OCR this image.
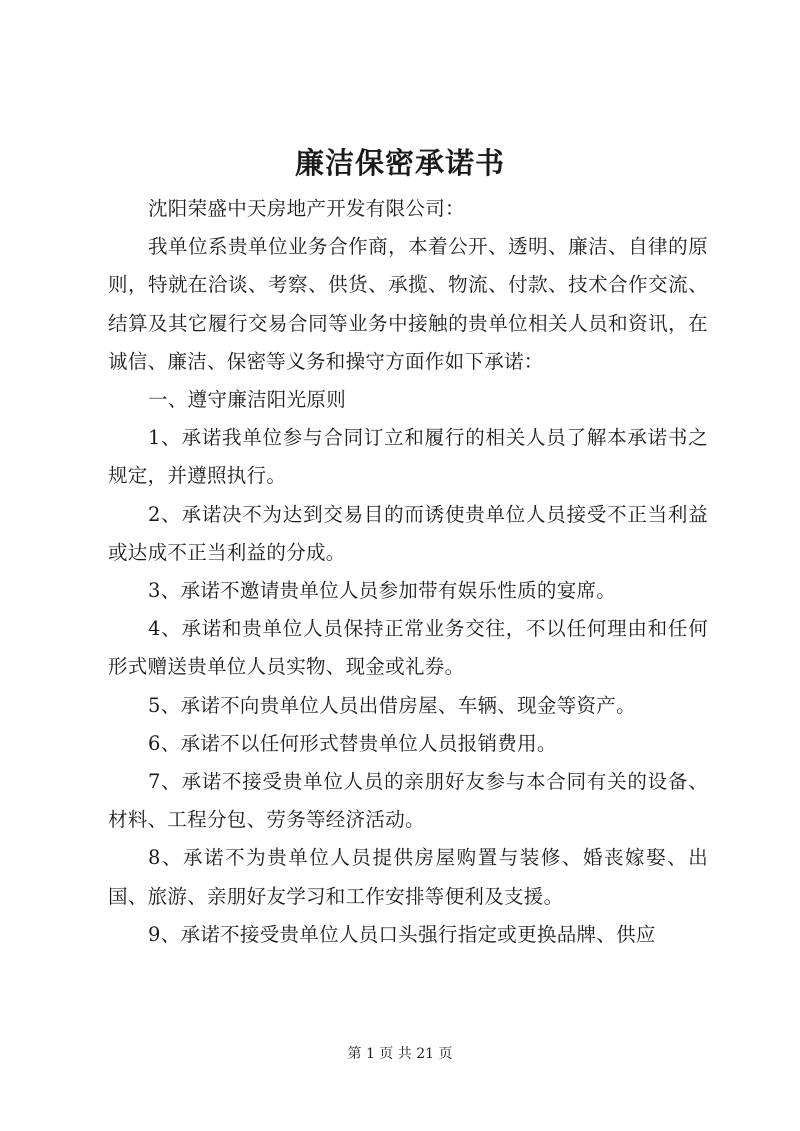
廉洁保密承诺书

沈阳荣盛中天房地产开发有限公司：

我单位系贵单位业务合作商，本着公开、透明、廉洁、自律的原则，特就在洽谈、考察、供货、承揽、物流、付款、技术合作交流、结算及其它履行交易合同等业务中接触的贵单位相关人员和资讯，在诚信、廉洁、保密等义务和操守方面作如下承诺：

一、遵守廉洁阳光原则

1、承诺我单位参与合同订立和履行的相关人员了解本承诺书之规定，并遵照执行。

2、承诺决不为达到交易目的而诱使贵单位人员接受不正当利益或达成不正当利益的分成。

3、承诺不邀请贵单位人员参加带有娱乐性质的宴席。

4、承诺和贵单位人员保持正常业务交往，不以任何理由和任何形式赠送贵单位人员实物、现金或礼券。

5、承诺不向贵单位人员出借房屋、车辆、现金等资产。

6、承诺不以任何形式替贵单位人员报销费用。

7、承诺不接受贵单位人员的亲朋好友参与本合同有关的设备、材料、工程分包、劳务等经济活动。

8、承诺不为贵单位人员提供房屋购置与装修、婚丧嫁娶、出国、旅游、亲朋好友学习和工作安排等便利及支援。

9、承诺不接受贵单位人员口头强行指定或更换品牌、供应

第 1 页 共 21 页
